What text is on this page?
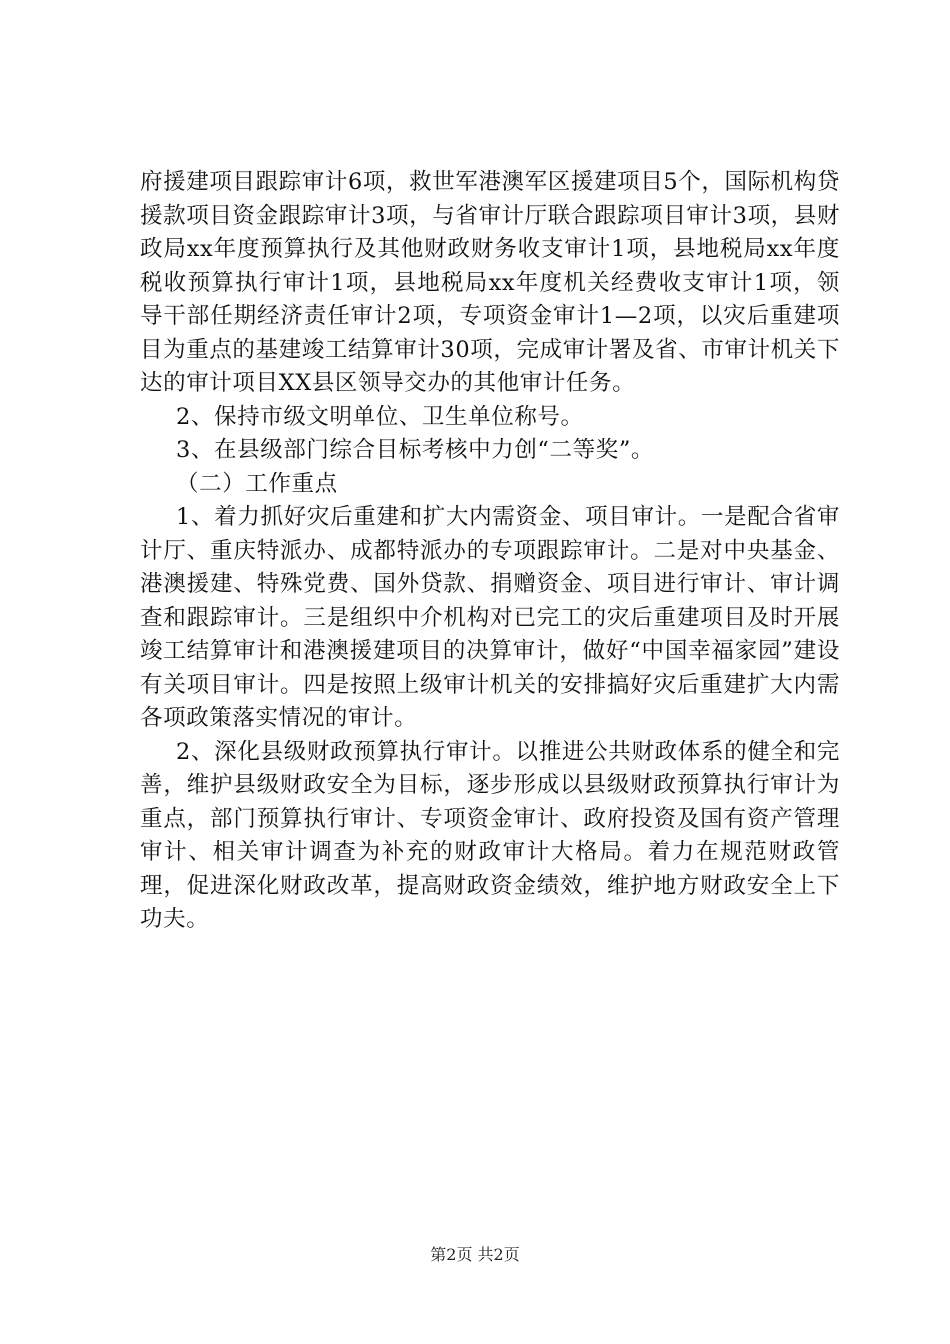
府援建项目跟踪审计6项，救世军港澳军区援建项目5个，国际机构贷援款项目资金跟踪审计3项，与省审计厅联合跟踪项目审计3项，县财政局xx年度预算执行及其他财政财务收支审计1项，县地税局xx年度税收预算执行审计1项，县地税局xx年度机关经费收支审计1项，领导干部任期经济责任审计2项，专项资金审计1—2项，以灾后重建项目为重点的基建竣工结算审计30项，完成审计署及省、市审计机关下达的审计项目XX县区领导交办的其他审计任务。

2、保持市级文明单位、卫生单位称号。

3、在县级部门综合目标考核中力创“二等奖”。

（二）工作重点

1、着力抓好灾后重建和扩大内需资金、项目审计。一是配合省审计厅、重庆特派办、成都特派办的专项跟踪审计。二是对中央基金、港澳援建、特殊党费、国外贷款、捐赠资金、项目进行审计、审计调查和跟踪审计。三是组织中介机构对已完工的灾后重建项目及时开展竣工结算审计和港澳援建项目的决算审计，做好“中国幸福家园”建设有关项目审计。四是按照上级审计机关的安排搞好灾后重建扩大内需各项政策落实情况的审计。

2、深化县级财政预算执行审计。以推进公共财政体系的健全和完善，维护县级财政安全为目标，逐步形成以县级财政预算执行审计为重点，部门预算执行审计、专项资金审计、政府投资及国有资产管理审计、相关审计调查为补充的财政审计大格局。着力在规范财政管理，促进深化财政改革，提高财政资金绩效，维护地方财政安全上下功夫。

第2页 共2页
